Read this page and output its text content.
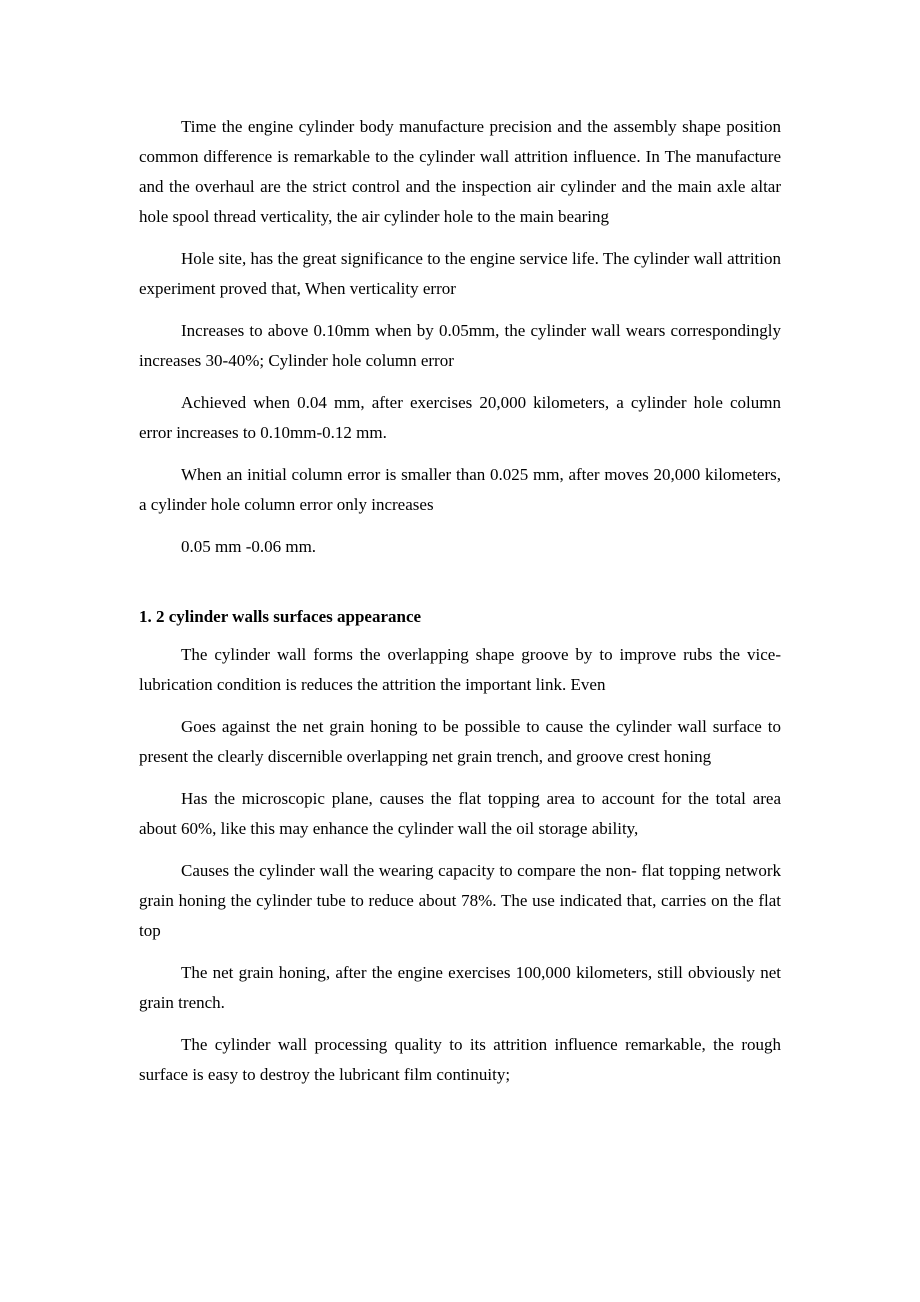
Time the engine cylinder body manufacture precision and the assembly shape position common difference is remarkable to the cylinder wall attrition influence. In The manufacture and the overhaul are the strict control and the inspection air cylinder and the main axle altar hole spool thread verticality, the air cylinder hole to the main bearing

Hole site, has the great significance to the engine service life. The cylinder wall attrition experiment proved that, When verticality error

Increases to above 0.10mm when by 0.05mm, the cylinder wall wears correspondingly increases 30-40%; Cylinder hole column error

Achieved when 0.04 mm, after exercises 20,000 kilometers, a cylinder hole column error increases to 0.10mm-0.12 mm.

When an initial column error is smaller than 0.025 mm, after moves 20,000 kilometers, a cylinder hole column error only increases

0.05 mm -0.06 mm.

1. 2 cylinder walls surfaces appearance

The cylinder wall forms the overlapping shape groove by to improve rubs the vice- lubrication condition is reduces the attrition the important link. Even

Goes against the net grain honing to be possible to cause the cylinder wall surface to present the clearly discernible overlapping net grain trench, and groove crest honing

Has the microscopic plane, causes the flat topping area to account for the total area about 60%, like this may enhance the cylinder wall the oil storage ability,

Causes the cylinder wall the wearing capacity to compare the non- flat topping network grain honing the cylinder tube to reduce about 78%. The use indicated that, carries on the flat top

The net grain honing, after the engine exercises 100,000 kilometers, still obviously net grain trench.

The cylinder wall processing quality to its attrition influence remarkable, the rough surface is easy to destroy the lubricant film continuity;
